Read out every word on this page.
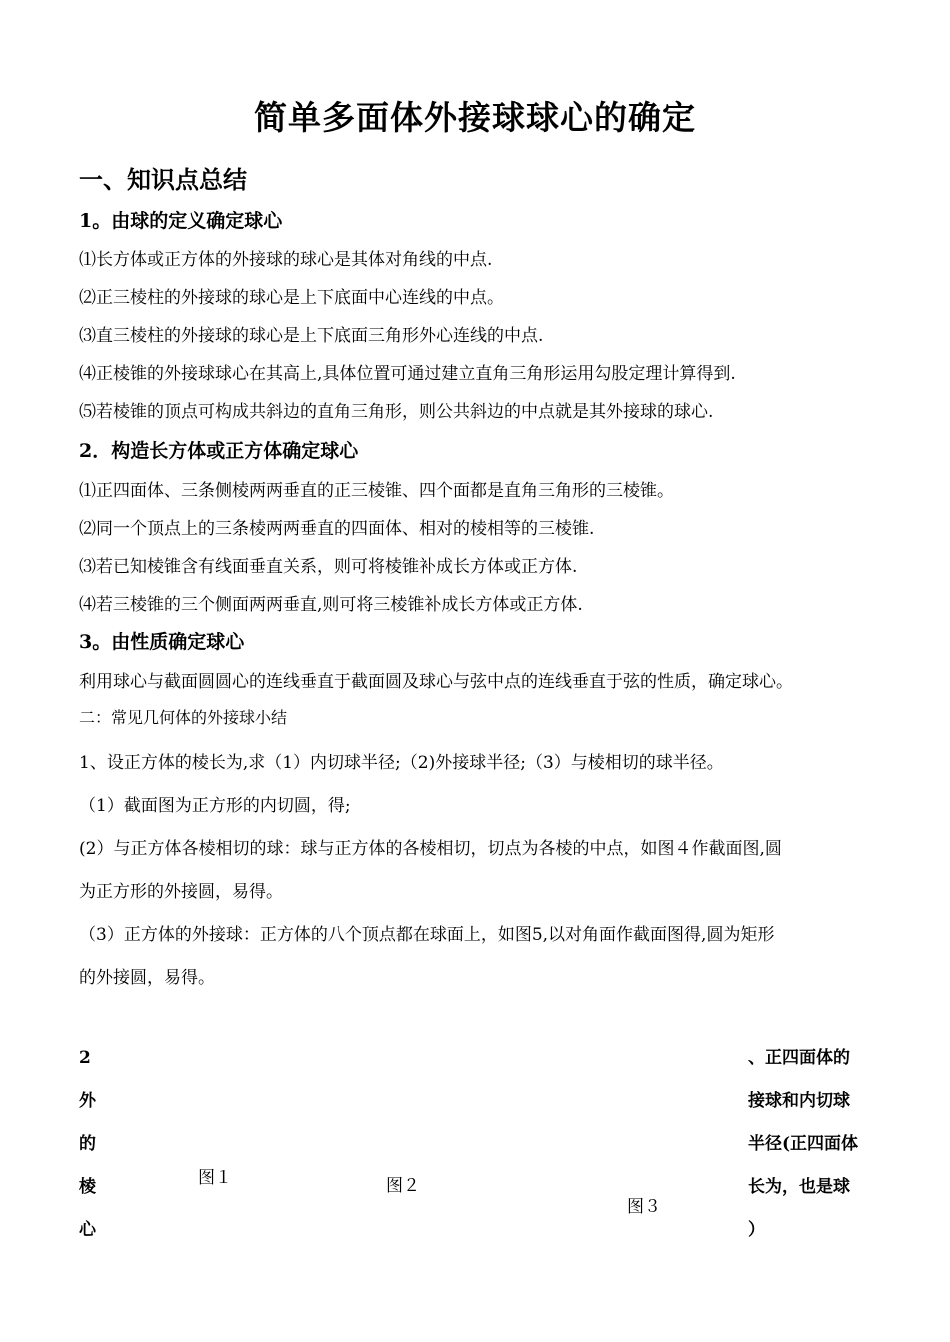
简单多面体外接球球心的确定
一、知识点总结
1。由球的定义确定球心
⑴长方体或正方体的外接球的球心是其体对角线的中点.
⑵正三棱柱的外接球的球心是上下底面中心连线的中点。
⑶直三棱柱的外接球的球心是上下底面三角形外心连线的中点.
⑷正棱锥的外接球球心在其高上,具体位置可通过建立直角三角形运用勾股定理计算得到.
⑸若棱锥的顶点可构成共斜边的直角三角形，则公共斜边的中点就是其外接球的球心.
2．构造长方体或正方体确定球心
⑴正四面体、三条侧棱两两垂直的正三棱锥、四个面都是直角三角形的三棱锥。
⑵同一个顶点上的三条棱两两垂直的四面体、相对的棱相等的三棱锥.
⑶若已知棱锥含有线面垂直关系，则可将棱锥补成长方体或正方体.
⑷若三棱锥的三个侧面两两垂直,则可将三棱锥补成长方体或正方体.
3。由性质确定球心
利用球心与截面圆圆心的连线垂直于截面圆及球心与弦中点的连线垂直于弦的性质，确定球心。
二：常见几何体的外接球小结
1、设正方体的棱长为,求（1）内切球半径;（2)外接球半径;（3）与棱相切的球半径。
（1）截面图为正方形的内切圆，得;
(2）与正方体各棱相切的球：球与正方体的各棱相切，切点为各棱的中点，如图４作截面图,圆
为正方形的外接圆，易得。
（3）正方体的外接球：正方体的八个顶点都在球面上，如图5,以对角面作截面图得,圆为矩形
的外接圆，易得。
2
外
的
棱
心
图１	图２
图３
、正四面体的
接球和内切球
半径(正四面体
长为，也是球
）
